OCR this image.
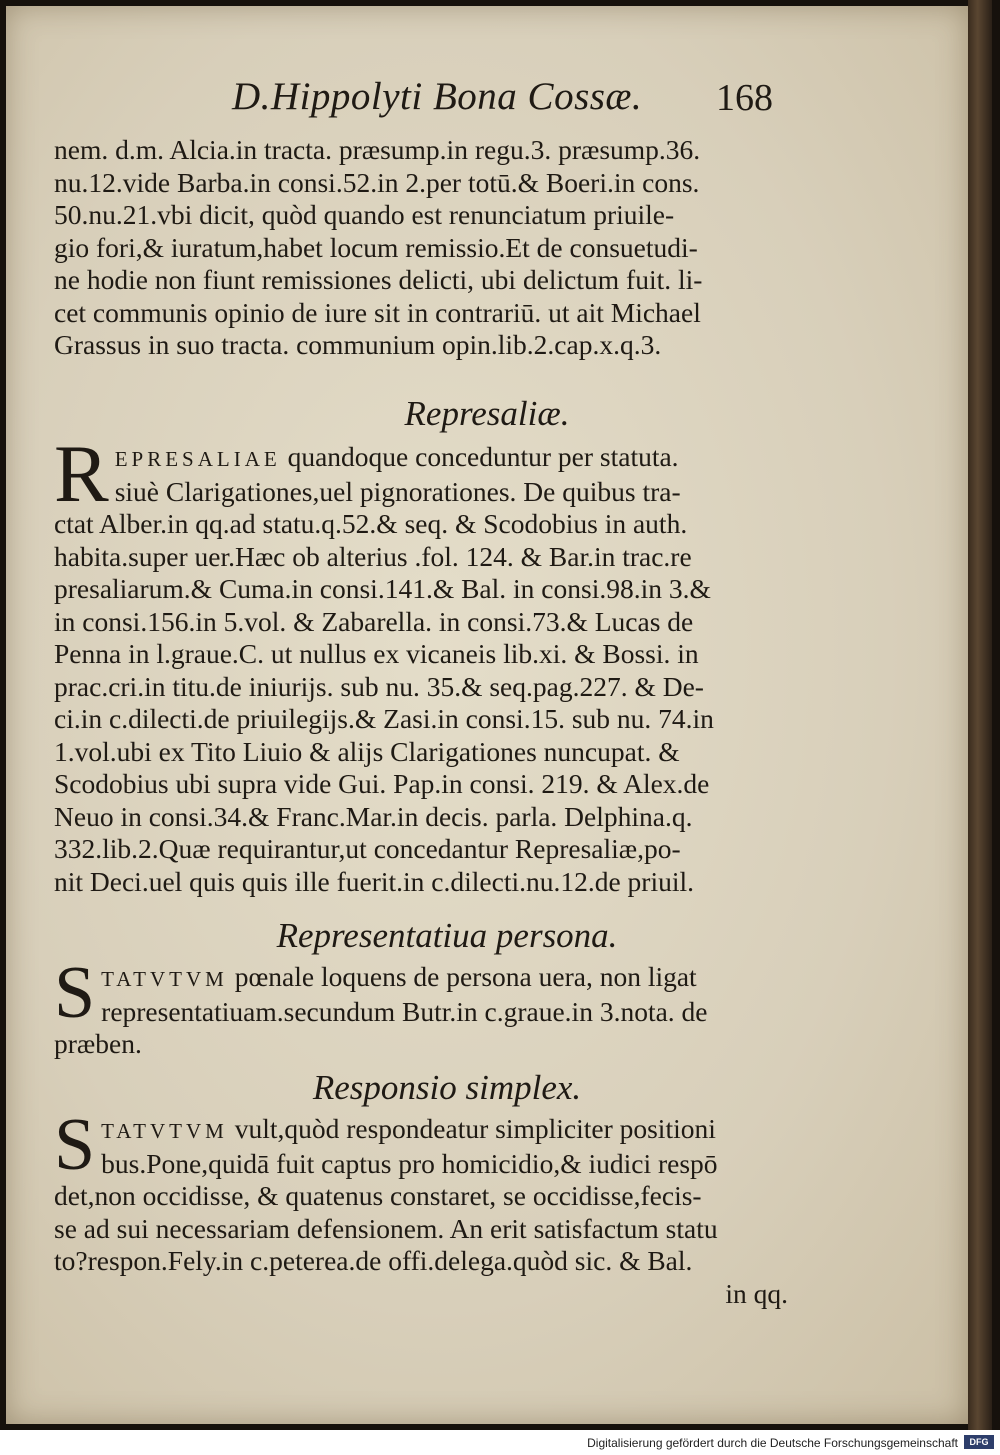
D.Hippolyti Bona Cossæ. 168
nem. d.m. Alcia.in tracta. præsump.in regu.3. præsump.36.
nu.12.vide Barba.in consi.52.in 2.per totū.& Boeri.in cons.
50.nu.21.vbi dicit, quòd quando est renunciatum priuile-
gio fori,& iuratum,habet locum remissio.Et de consuetudi-
ne hodie non fiunt remissiones delicti, ubi delictum fuit. li-
cet communis opinio de iure sit in contrariū. ut ait Michael
Grassus in suo tracta. communium opin.lib.2.cap.x.q.3.
Represaliæ.
R EPRESALIAE quandoque conceduntur per statuta.
siuè Clarigationes,uel pignorationes. De quibus tra-
ctat Alber.in qq.ad statu.q.52.& seq. & Scodobius in auth.
habita.super uer.Hæc ob alterius .fol. 124. & Bar.in trac.re
presaliarum.& Cuma.in consi.141.& Bal. in consi.98.in 3.&
in consi.156.in 5.vol. & Zabarella. in consi.73.& Lucas de
Penna in l.graue.C. ut nullus ex vicaneis lib.xi. & Bossi. in
prac.cri.in titu.de iniurijs. sub nu. 35.& seq.pag.227. & De-
ci.in c.dilecti.de priuilegijs.& Zasi.in consi.15. sub nu. 74.in
1.vol.ubi ex Tito Liuio & alijs Clarigationes nuncupat. &
Scodobius ubi supra vide Gui. Pap.in consi. 219. & Alex.de
Neuo in consi.34.& Franc.Mar.in decis. parla. Delphina.q.
332.lib.2.Quæ requirantur,ut concedantur Represaliæ,po-
nit Deci.uel quis quis ille fuerit.in c.dilecti.nu.12.de priuil.
Representatiua persona.
S TATVTVM pœnale loquens de persona uera, non ligat
representatiuam.secundum Butr.in c.graue.in 3.nota. de
præben.
Responsio simplex.
S TATVTVM vult,quòd respondeatur simpliciter positioni
bus.Pone,quidā fuit captus pro homicidio,& iudici respō
det,non occidisse, & quatenus constaret, se occidisse,fecis-
se ad sui necessariam defensionem. An erit satisfactum statu
to?respon.Fely.in c.peterea.de offi.delega.quòd sic. & Bal.
in qq.
Digitalisierung gefördert durch die Deutsche Forschungsgemeinschaft	DFG
